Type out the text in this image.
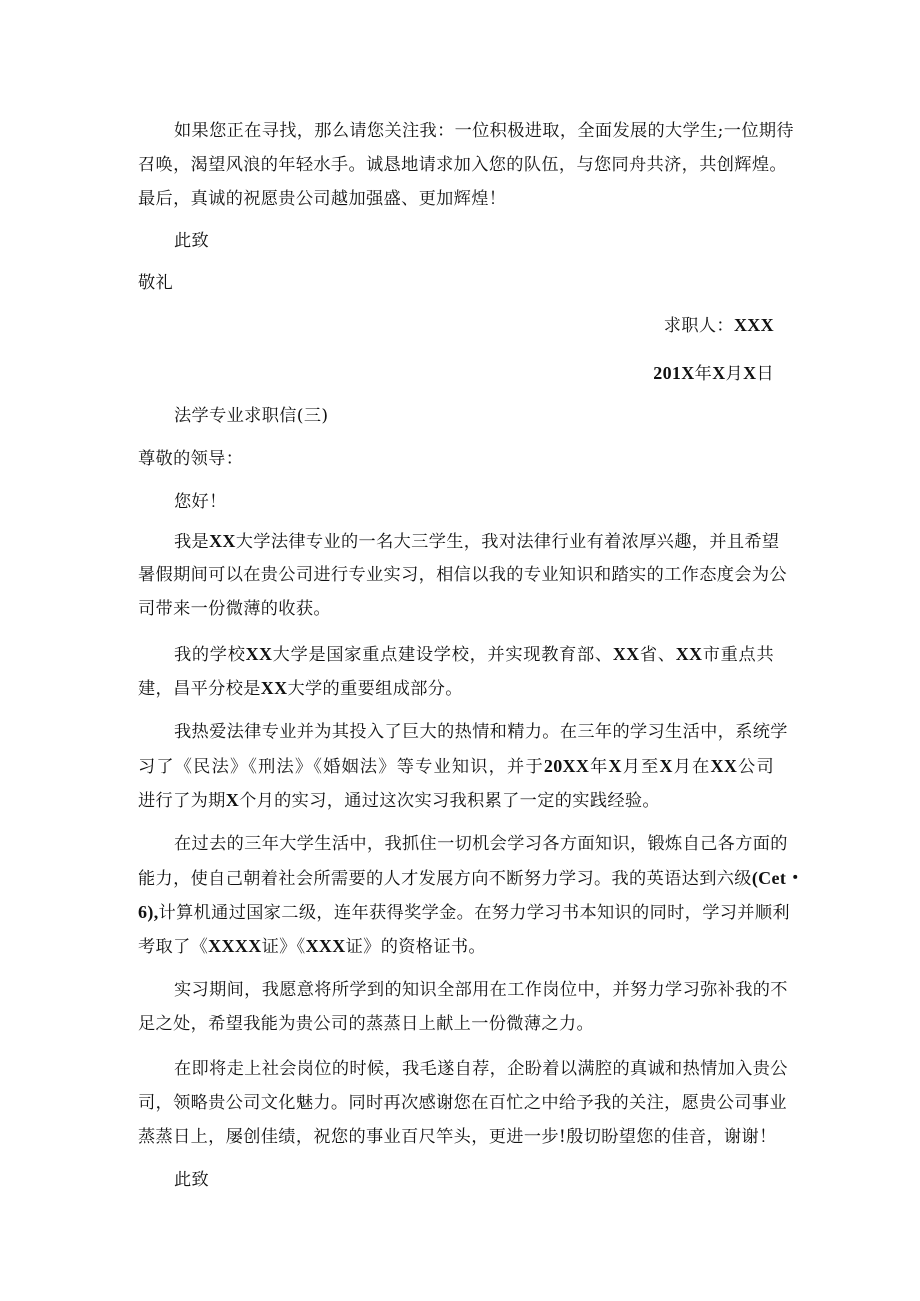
如果您正在寻找，那么请您关注我：一位积极进取，全面发展的大学生;一位期待
召唤，渴望风浪的年轻水手。诚恳地请求加入您的队伍，与您同舟共济，共创辉煌。
最后，真诚的祝愿贵公司越加强盛、更加辉煌！
此致
敬礼
求职人：XXX
201X年X月X日
法学专业求职信(三)
尊敬的领导：
您好！
我是XX大学法律专业的一名大三学生，我对法律行业有着浓厚兴趣，并且希望
暑假期间可以在贵公司进行专业实习，相信以我的专业知识和踏实的工作态度会为公
司带来一份微薄的收获。
我的学校XX大学是国家重点建设学校，并实现教育部、XX省、XX市重点共
建，昌平分校是XX大学的重要组成部分。
我热爱法律专业并为其投入了巨大的热情和精力。在三年的学习生活中，系统学
习了《民法》《刑法》《婚姻法》等专业知识，并于20XX年X月至X月在XX公司
进行了为期X个月的实习，通过这次实习我积累了一定的实践经验。
在过去的三年大学生活中，我抓住一切机会学习各方面知识，锻炼自己各方面的
能力，使自己朝着社会所需要的人才发展方向不断努力学习。我的英语达到六级(Cet・
6),计算机通过国家二级，连年获得奖学金。在努力学习书本知识的同时，学习并顺利
考取了《XXXX证》《XXX证》的资格证书。
实习期间，我愿意将所学到的知识全部用在工作岗位中，并努力学习弥补我的不
足之处，希望我能为贵公司的蒸蒸日上献上一份微薄之力。
在即将走上社会岗位的时候，我毛遂自荐，企盼着以满腔的真诚和热情加入贵公
司，领略贵公司文化魅力。同时再次感谢您在百忙之中给予我的关注，愿贵公司事业
蒸蒸日上，屡创佳绩，祝您的事业百尺竿头，更进一步!殷切盼望您的佳音，谢谢！
此致
